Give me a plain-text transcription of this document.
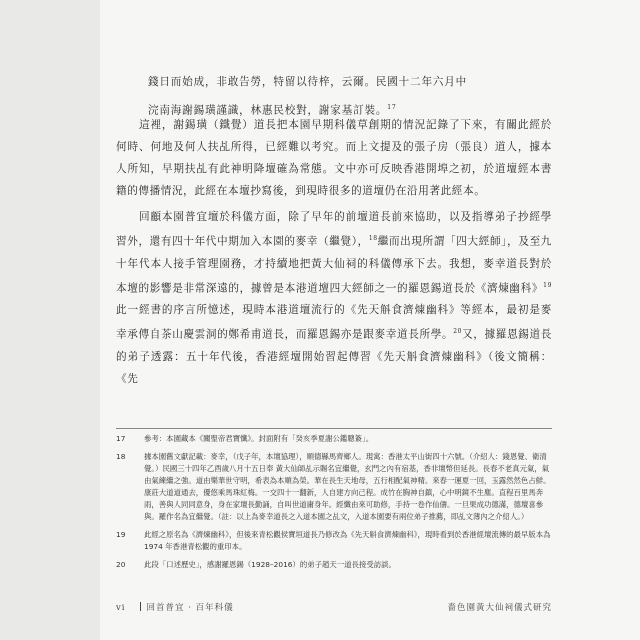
錢日而始成，非敢告勞，特留以待梓，云爾。民國十二年六月中

浣南海謝錫璜謹識，林惠民校對，謝家基訂裝。$^{17}$

　　這裡，謝錫璜（鐵覺）道長把本園早期科儀草創期的情況記錄了下來，有關此經於何時、何地及何人扶乩所得，已經難以考究。而上文提及的張子房（張良）道人，據本人所知，早期扶乩有此神明降壇確為常態。文中亦可反映香港開埠之初，於道壇經本書籍的傳播情況，此經在本壇抄寫後，到現時很多的道壇仍在沿用著此經本。

　　回顧本園普宜壇於科儀方面，除了早年的前壇道長前來協助，以及指導弟子抄經學習外，還有四十年代中期加入本園的麥幸（繼覺），$^{18}$繼而出現所謂「四大經師」，及至九十年代本人接手管理園務，才持續地把黃大仙祠的科儀傳承下去。我想，麥幸道長對於本壇的影響是非常深遠的，據曾是本港道壇四大經師之一的羅恩錫道長於《濟煉幽科》$^{19}$此一經書的序言所憶述，現時本港道壇流行的《先天斛食濟煉幽科》等經本，最初是麥幸承傳自茶山慶雲洞的鄭希甫道長，而羅恩錫亦是跟麥幸道長所學。$^{20}$又，據羅恩錫道長的弟子透露：五十年代後，香港經壇開始習起傳習《先天斛食濟煉幽科》（後文簡稱：《先

17	參考：本園藏本《關聖帝君寶懺》。封面附有「癸亥季夏謝公鑑聰簽」。
18	據本園舊文獻記載：麥幸，（戊子年，本壇協理），順德縣馬齊鄉人。現寓：香港太平山街四十六號。（介紹人：錢恩覺、衛清覺。）民國三十四年乙酉歲八月十五日奉 黃大仙師乩示賜名宜繼覺，玄門之內有宿基，香非壇幣但延長。長春不老真元氣，氣由氣練繼之強。道由樂華世守明，希表為本順為榮。華在長生天地母，五行相配氣神精。來春一運夏一回，玉露然然色占鮮。康莊大道道通去，優悠乘馬珠紅梅。一交四十一翻新，人自建方向己程。成竹在胸神自鎮，心中明鏡不生塵。直程百里馬奔雨，善與人同同意身，身在家壇長勤誦，自叫世道庸身年。經懺由來可助修，手持一卷作仙儔。一旦果成功德滿，德壇喜參與。羅作名為宜繼覺。（註：以上為麥幸道長之入道本園之乩文，入道本園要有兩位弟子推薦，即乩文薄內之介紹人。）
19	此經之原名為《濟煉幽科》，但後來青松觀侯寶垣道長乃修改為《先天斛食濟煉幽科》，現時看到於香港經壇流傳的最早版本為 1974 年香港青松觀的重印本。
20	此段「口述歷史」，感謝羅恩錫（1928–2016）的弟子趙天一道長接受訪談。
vi 回首普宜 · 百年科儀	嗇色園黃大仙祠儀式研究
